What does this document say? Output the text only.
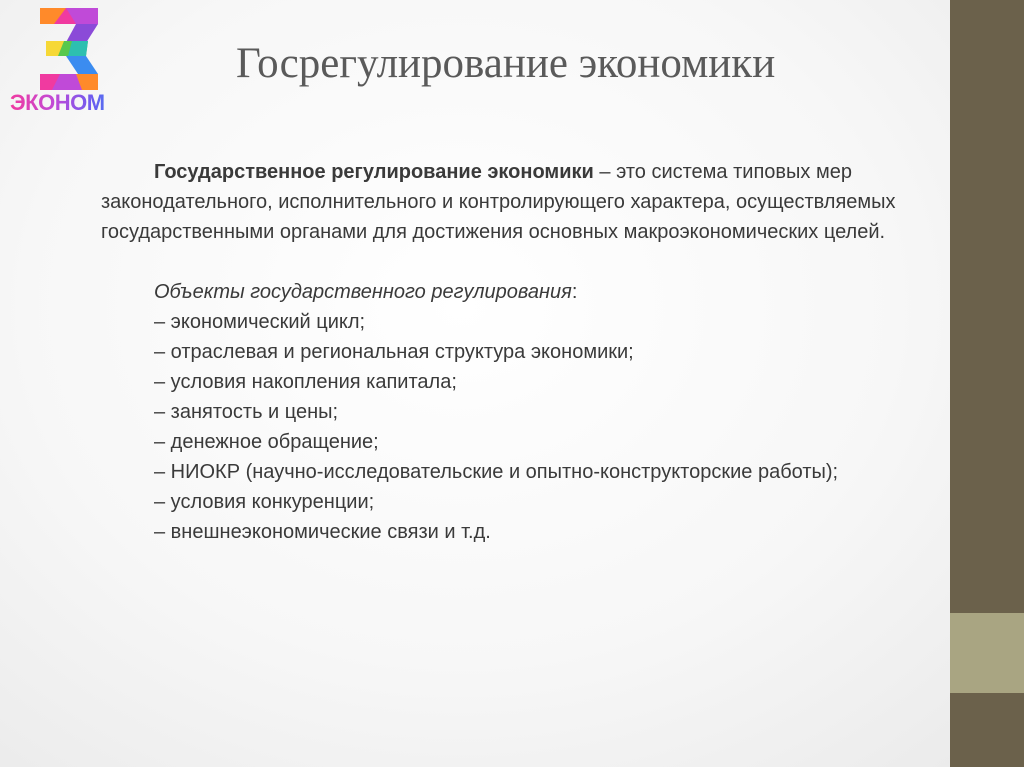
ЭКОНОМ
Госрегулирование экономики

Государственное регулирование экономики – это система типовых мер законодательного, исполнительного и контролирующего характера, осуществляемых государственными органами для достижения основных макроэкономических целей.

Объекты государственного регулирования:
– экономический цикл;
– отраслевая и региональная структура экономики;
– условия накопления капитала;
– занятость и цены;
– денежное обращение;
– НИОКР (научно-исследовательские и опытно-конструкторские работы);
– условия конкуренции;
– внешнеэкономические связи и т.д.
